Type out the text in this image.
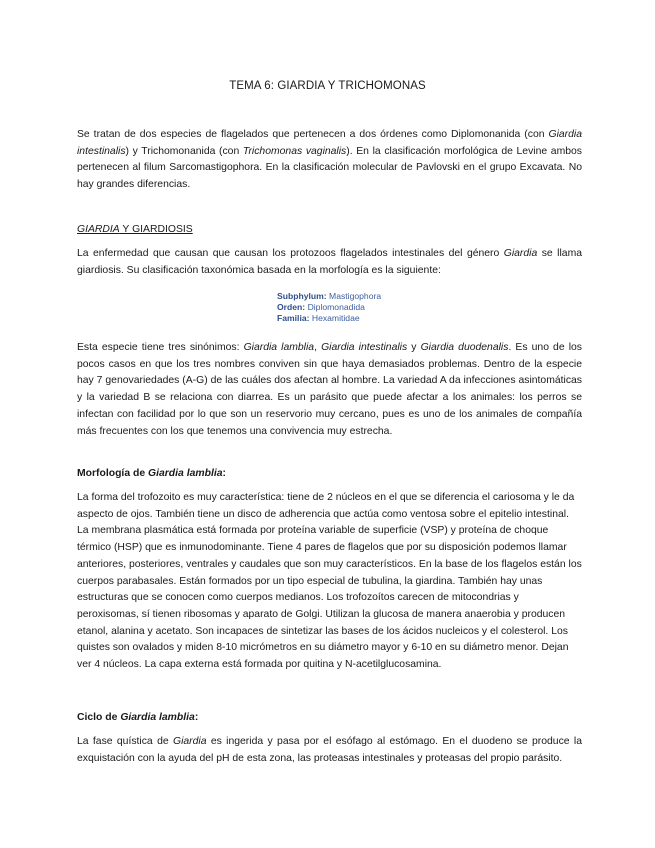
TEMA 6: GIARDIA Y TRICHOMONAS

Se tratan de dos especies de flagelados que pertenecen a dos órdenes como Diplomonanida (con Giardia intestinalis) y Trichomonanida (con Trichomonas vaginalis). En la clasificación morfológica de Levine ambos pertenecen al filum Sarcomastigophora. En la clasificación molecular de Pavlovski en el grupo Excavata. No hay grandes diferencias.

GIARDIA Y GIARDIOSIS

La enfermedad que causan que causan los protozoos flagelados intestinales del género Giardia se llama giardiosis. Su clasificación taxonómica basada en la morfología es la siguiente:

Subphylum: Mastigophora
Orden: Diplomonadida
Familia: Hexamitidae

Esta especie tiene tres sinónimos: Giardia lamblia, Giardia intestinalis y Giardia duodenalis. Es uno de los pocos casos en que los tres nombres conviven sin que haya demasiados problemas. Dentro de la especie hay 7 genovariedades (A-G) de las cuáles dos afectan al hombre. La variedad A da infecciones asintomáticas y la variedad B se relaciona con diarrea. Es un parásito que puede afectar a los animales: los perros se infectan con facilidad por lo que son un reservorio muy cercano, pues es uno de los animales de compañía más frecuentes con los que tenemos una convivencia muy estrecha.

Morfología de Giardia lamblia:

La forma del trofozoito es muy característica: tiene de 2 núcleos en el que se diferencia el cariosoma y le da aspecto de ojos. También tiene un disco de adherencia que actúa como ventosa sobre el epitelio intestinal. La membrana plasmática está formada por proteína variable de superficie (VSP) y proteína de choque térmico (HSP) que es inmunodominante. Tiene 4 pares de flagelos que por su disposición podemos llamar anteriores, posteriores, ventrales y caudales que son muy característicos. En la base de los flagelos están los cuerpos parabasales. Están formados por un tipo especial de tubulina, la giardina. También hay unas estructuras que se conocen como cuerpos medianos. Los trofozoítos carecen de mitocondrias y peroxisomas, sí tienen ribosomas y aparato de Golgi. Utilizan la glucosa de manera anaerobia y producen etanol, alanina y acetato. Son incapaces de sintetizar las bases de los ácidos nucleicos y el colesterol. Los quistes son ovalados y miden 8-10 micrómetros en su diámetro mayor y 6-10 en su diámetro menor. Dejan ver 4 núcleos. La capa externa está formada por quitina y N-acetilglucosamina.

Ciclo de Giardia lamblia:

La fase quística de Giardia es ingerida y pasa por el esófago al estómago. En el duodeno se produce la exquistación con la ayuda del pH de esta zona, las proteasas intestinales y proteasas del propio parásito.
